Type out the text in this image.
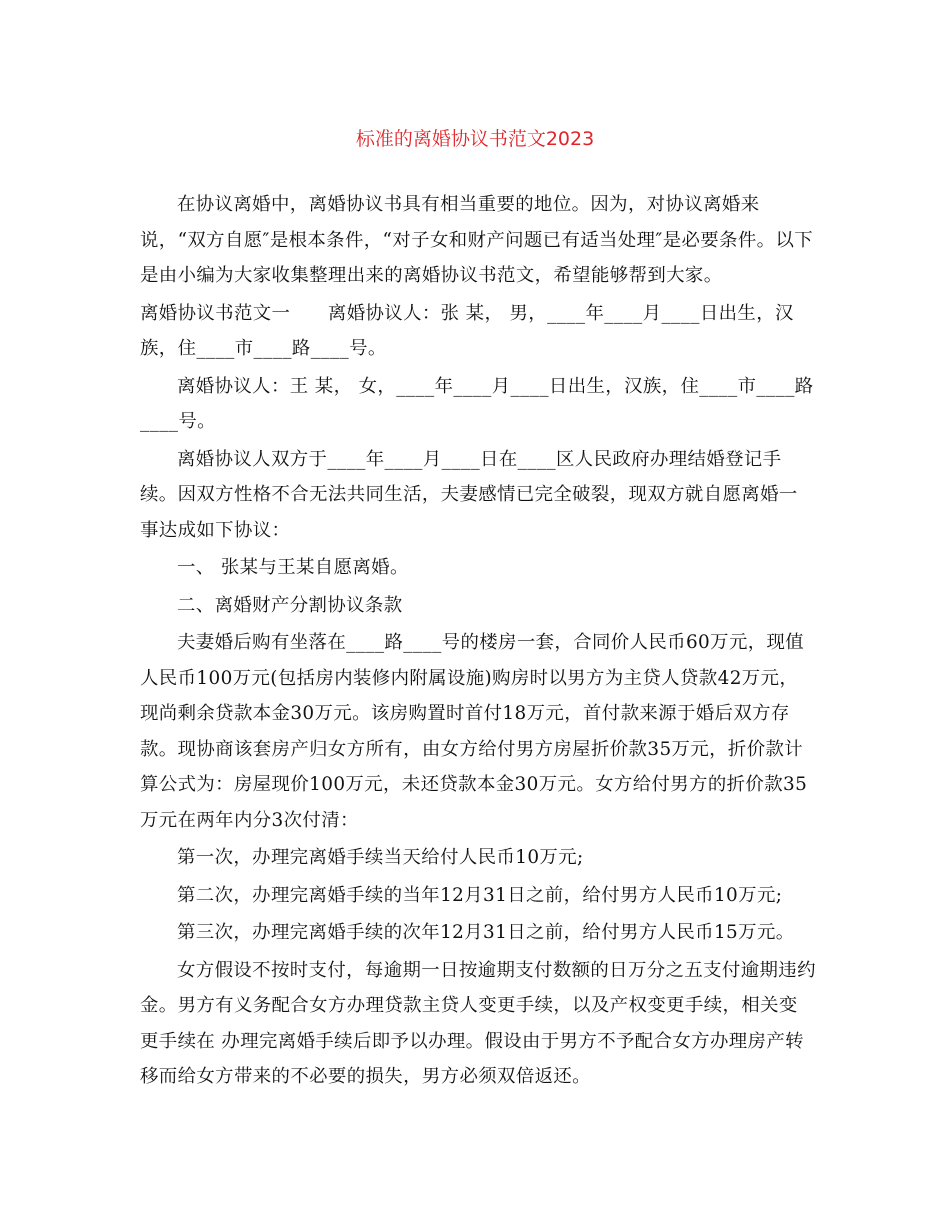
标准的离婚协议书范文2023

在协议离婚中，离婚协议书具有相当重要的地位。因为，对协议离婚来说，“双方自愿″是根本条件，“对子女和财产问题已有适当处理″是必要条件。以下是由小编为大家收集整理出来的离婚协议书范文，希望能够帮到大家。

离婚协议书范文一　　离婚协议人：张 某， 男，____年____月____日出生，汉族，住____市____路____号。

离婚协议人：王 某， 女，____年____月____日出生，汉族，住____市____路____号。

离婚协议人双方于____年____月____日在____区人民政府办理结婚登记手续。因双方性格不合无法共同生活，夫妻感情已完全破裂，现双方就自愿离婚一事达成如下协议：

一、 张某与王某自愿离婚。

二、离婚财产分割协议条款

夫妻婚后购有坐落在____路____号的楼房一套，合同价人民币60万元，现值人民币100万元(包括房内装修内附属设施)购房时以男方为主贷人贷款42万元，现尚剩余贷款本金30万元。该房购置时首付18万元，首付款来源于婚后双方存款。现协商该套房产归女方所有，由女方给付男方房屋折价款35万元，折价款计算公式为：房屋现价100万元，未还贷款本金30万元。女方给付男方的折价款35万元在两年内分3次付清：

第一次，办理完离婚手续当天给付人民币10万元;

第二次，办理完离婚手续的当年12月31日之前，给付男方人民币10万元;

第三次，办理完离婚手续的次年12月31日之前，给付男方人民币15万元。

女方假设不按时支付，每逾期一日按逾期支付数额的日万分之五支付逾期违约金。男方有义务配合女方办理贷款主贷人变更手续，以及产权变更手续，相关变更手续在 办理完离婚手续后即予以办理。假设由于男方不予配合女方办理房产转移而给女方带来的不必要的损失，男方必须双倍返还。
